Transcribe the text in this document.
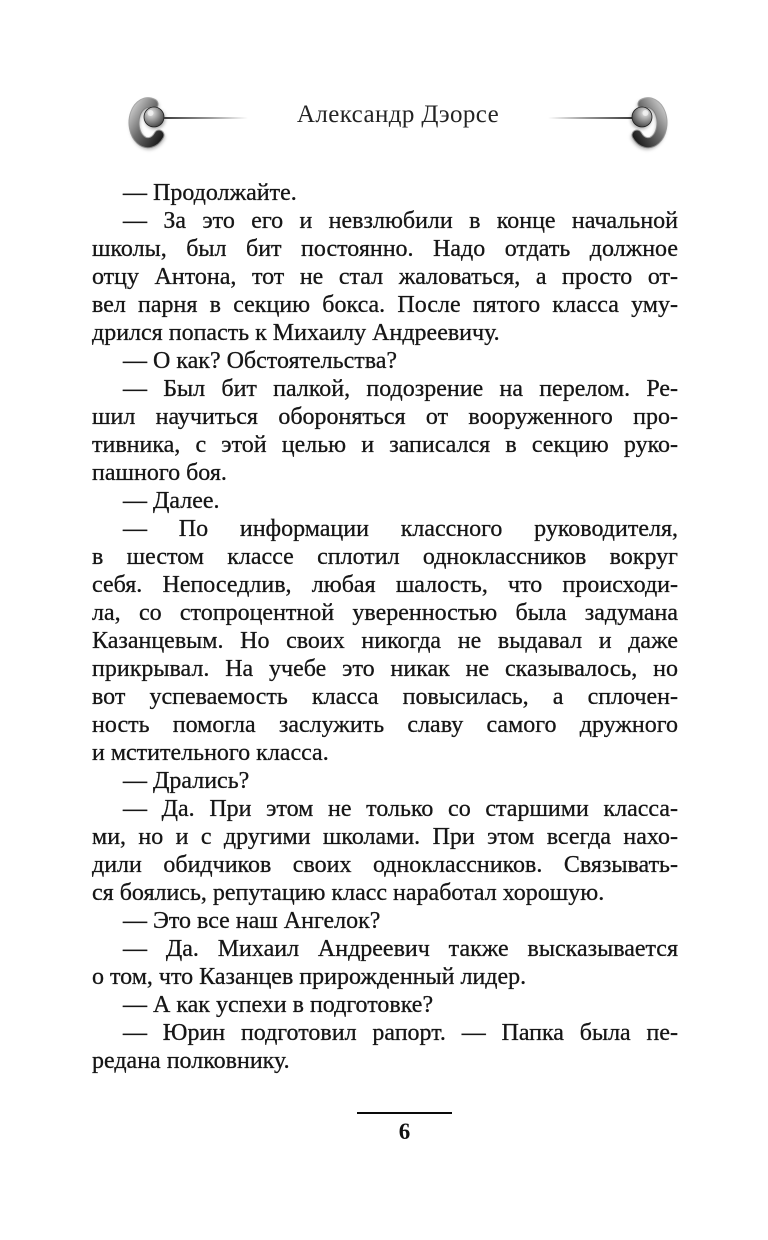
Александр Дэорсе

— Продолжайте.

— За это его и невзлюбили в конце начальной
школы, был бит постоянно. Надо отдать должное
отцу Антона, тот не стал жаловаться, а просто от-
вел парня в секцию бокса. После пятого класса уму-
дрился попасть к Михаилу Андреевичу.

— О как? Обстоятельства?

— Был бит палкой, подозрение на перелом. Ре-
шил научиться обороняться от вооруженного про-
тивника, с этой целью и записался в секцию руко-
пашного боя.

— Далее.

— По информации классного руководителя,
в шестом классе сплотил одноклассников вокруг
себя. Непоседлив, любая шалость, что происходи-
ла, со стопроцентной уверенностью была задумана
Казанцевым. Но своих никогда не выдавал и даже
прикрывал. На учебе это никак не сказывалось, но
вот успеваемость класса повысилась, а сплочен-
ность помогла заслужить славу самого дружного
и мстительного класса.

— Дрались?

— Да. При этом не только со старшими класса-
ми, но и с другими школами. При этом всегда нахо-
дили обидчиков своих одноклассников. Связывать-
ся боялись, репутацию класс наработал хорошую.

— Это все наш Ангелок?

— Да. Михаил Андреевич также высказывается
о том, что Казанцев прирожденный лидер.

— А как успехи в подготовке?

— Юрин подготовил рапорт. — Папка была пе-
редана полковнику.

6
